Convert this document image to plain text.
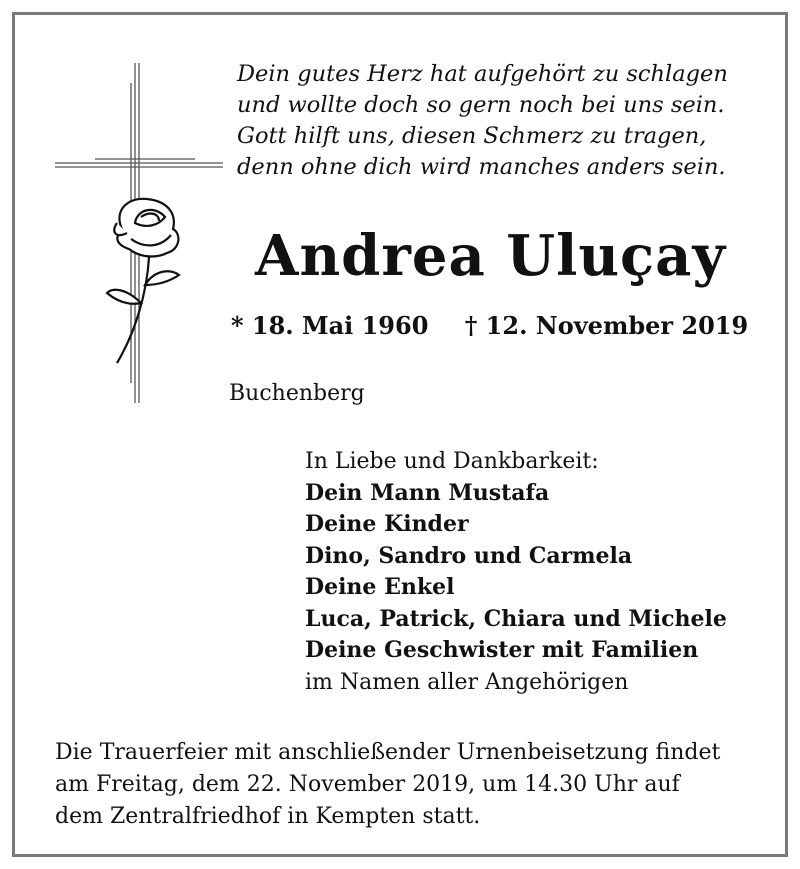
Dein gutes Herz hat aufgehört zu schlagen
und wollte doch so gern noch bei uns sein.
Gott hilft uns, diesen Schmerz zu tragen,
denn ohne dich wird manches anders sein.
Andrea Uluçay
* 18. Mai 1960 † 12. November 2019
Buchenberg
In Liebe und Dankbarkeit:
Dein Mann Mustafa
Deine Kinder
Dino, Sandro und Carmela
Deine Enkel
Luca, Patrick, Chiara und Michele
Deine Geschwister mit Familien
im Namen aller Angehörigen
Die Trauerfeier mit anschließender Urnenbeisetzung findet
am Freitag, dem 22. November 2019, um 14.30 Uhr auf
dem Zentralfriedhof in Kempten statt.
